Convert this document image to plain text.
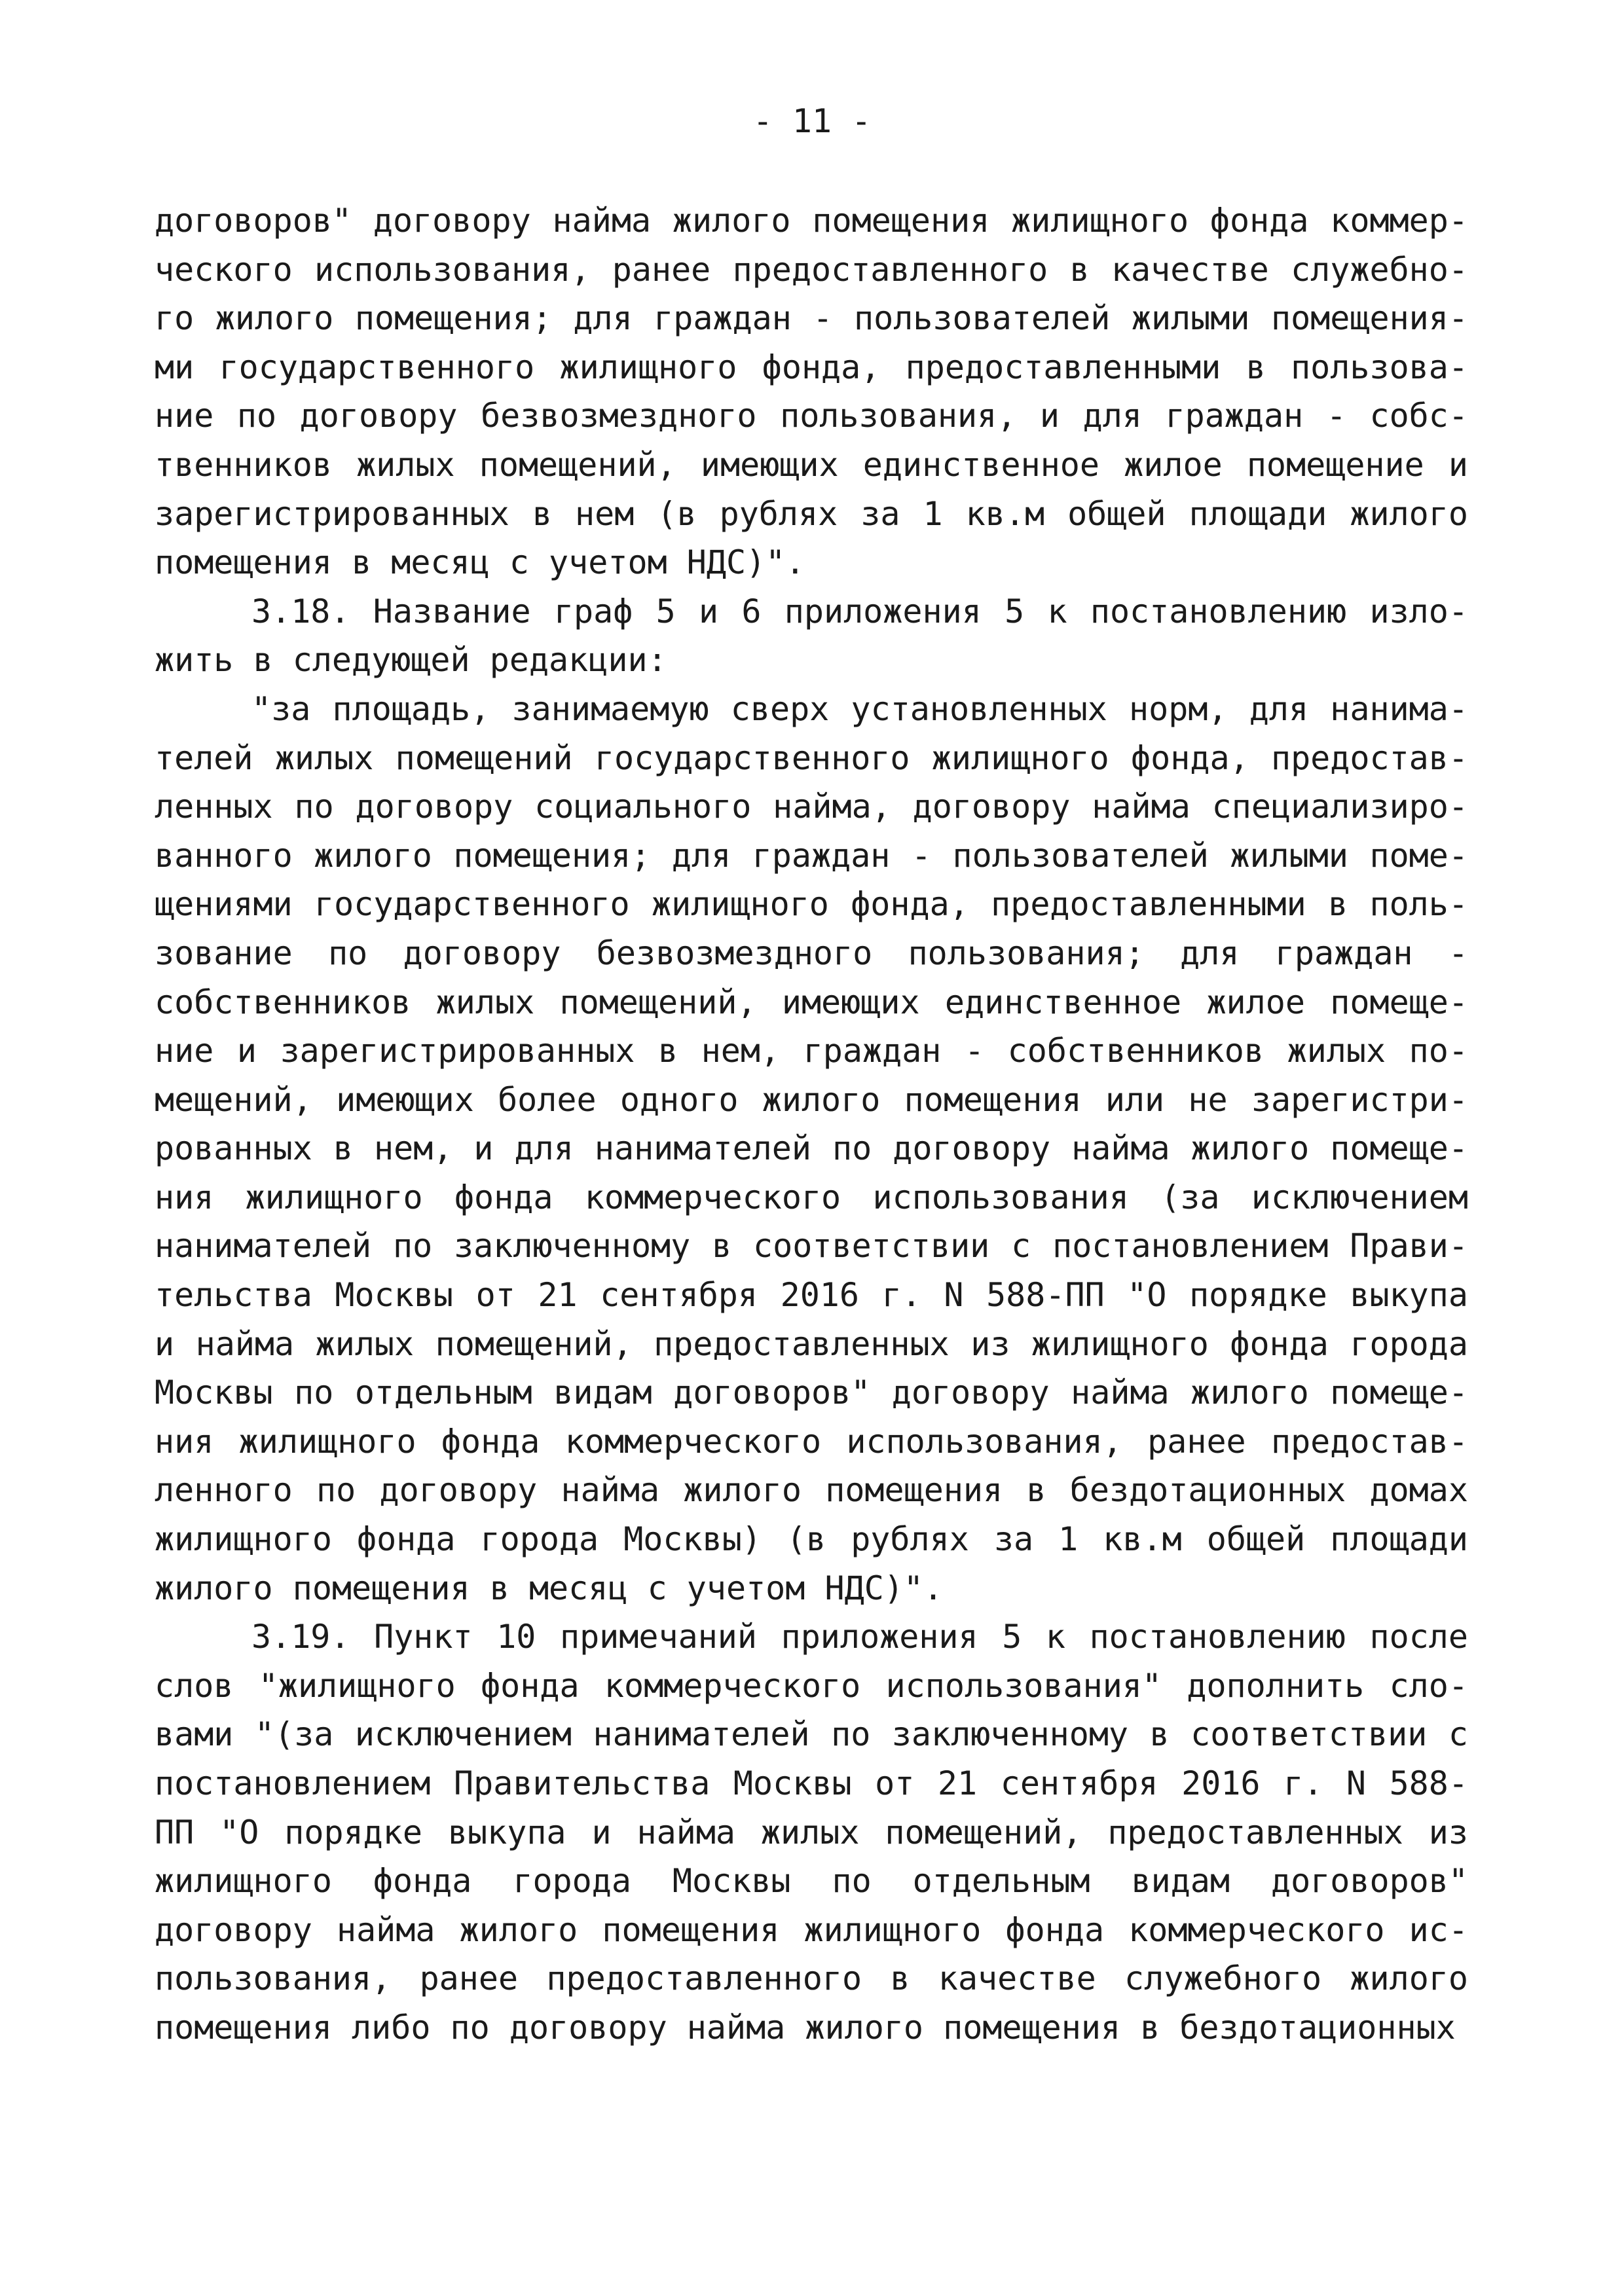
- 11 -

договоров" договору найма жилого помещения жилищного фонда коммерческого использования, ранее предоставленного в качестве служебного жилого помещения; для граждан - пользователей жилыми помещениями государственного жилищного фонда, предоставленными в пользование по договору безвозмездного пользования, и для граждан - собственников жилых помещений, имеющих единственное жилое помещение и зарегистрированных в нем (в рублях за 1 кв.м общей площади жилого помещения в месяц с учетом НДС)".

3.18. Название граф 5 и 6 приложения 5 к постановлению изложить в следующей редакции:

"за площадь, занимаемую сверх установленных норм, для нанимателей жилых помещений государственного жилищного фонда, предоставленных по договору социального найма, договору найма специализированного жилого помещения; для граждан - пользователей жилыми помещениями государственного жилищного фонда, предоставленными в пользование по договору безвозмездного пользования; для граждан - собственников жилых помещений, имеющих единственное жилое помещение и зарегистрированных в нем, граждан - собственников жилых помещений, имеющих более одного жилого помещения или не зарегистрированных в нем, и для нанимателей по договору найма жилого помещения жилищного фонда коммерческого использования (за исключением нанимателей по заключенному в соответствии с постановлением Правительства Москвы от 21 сентября 2016 г. N 588-ПП "О порядке выкупа и найма жилых помещений, предоставленных из жилищного фонда города Москвы по отдельным видам договоров" договору найма жилого помещения жилищного фонда коммерческого использования, ранее предоставленного по договору найма жилого помещения в бездотационных домах жилищного фонда города Москвы) (в рублях за 1 кв.м общей площади жилого помещения в месяц с учетом НДС)".

3.19. Пункт 10 примечаний приложения 5 к постановлению после слов "жилищного фонда коммерческого использования" дополнить словами "(за исключением нанимателей по заключенному в соответствии с постановлением Правительства Москвы от 21 сентября 2016 г. N 588-ПП "О порядке выкупа и найма жилых помещений, предоставленных из жилищного фонда города Москвы по отдельным видам договоров" договору найма жилого помещения жилищного фонда коммерческого использования, ранее предоставленного в качестве служебного жилого помещения либо по договору найма жилого помещения в бездотационных
